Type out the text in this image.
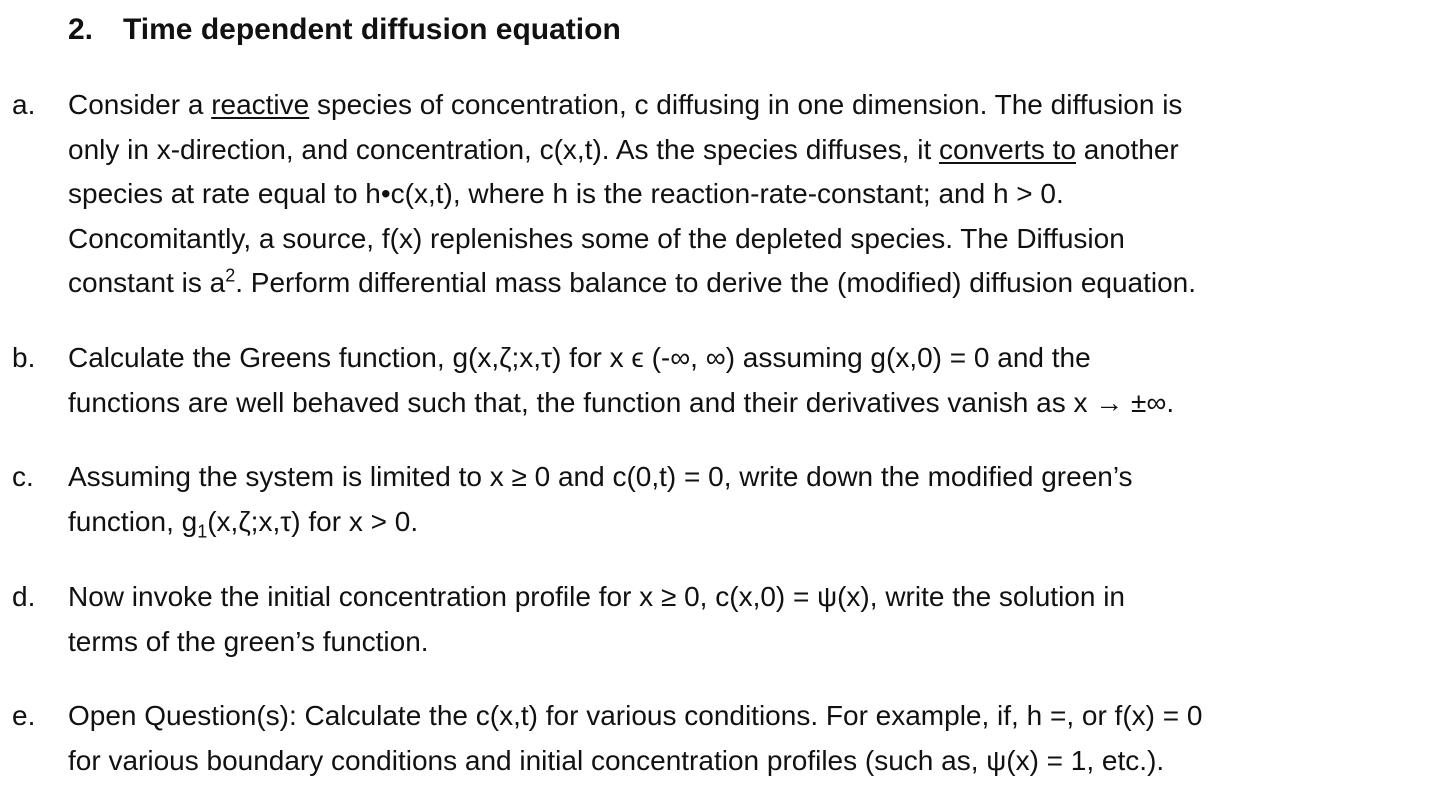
2. Time dependent diffusion equation
a. Consider a reactive species of concentration, c diffusing in one dimension. The diffusion is
only in x-direction, and concentration, c(x,t). As the species diffuses, it converts to another
species at rate equal to h•c(x,t), where h is the reaction-rate-constant; and h > 0.
Concomitantly, a source, f(x) replenishes some of the depleted species. The Diffusion
constant is $a^2$. Perform differential mass balance to derive the (modified) diffusion equation.
b. Calculate the Greens function, g(x,ζ;x,τ) for x ϵ (-∞, ∞) assuming g(x,0) = 0 and the
functions are well behaved such that, the function and their derivatives vanish as x → ±∞.
c. Assuming the system is limited to x ≥ 0 and c(0,t) = 0, write down the modified green’s
function, $g_1(x,\zeta;x,\tau)$ for x > 0.
d. Now invoke the initial concentration profile for x ≥ 0, c(x,0) = ψ(x), write the solution in
terms of the green’s function.
e. Open Question(s): Calculate the c(x,t) for various conditions. For example, if, h =, or f(x) = 0
for various boundary conditions and initial concentration profiles (such as, ψ(x) = 1, etc.).
